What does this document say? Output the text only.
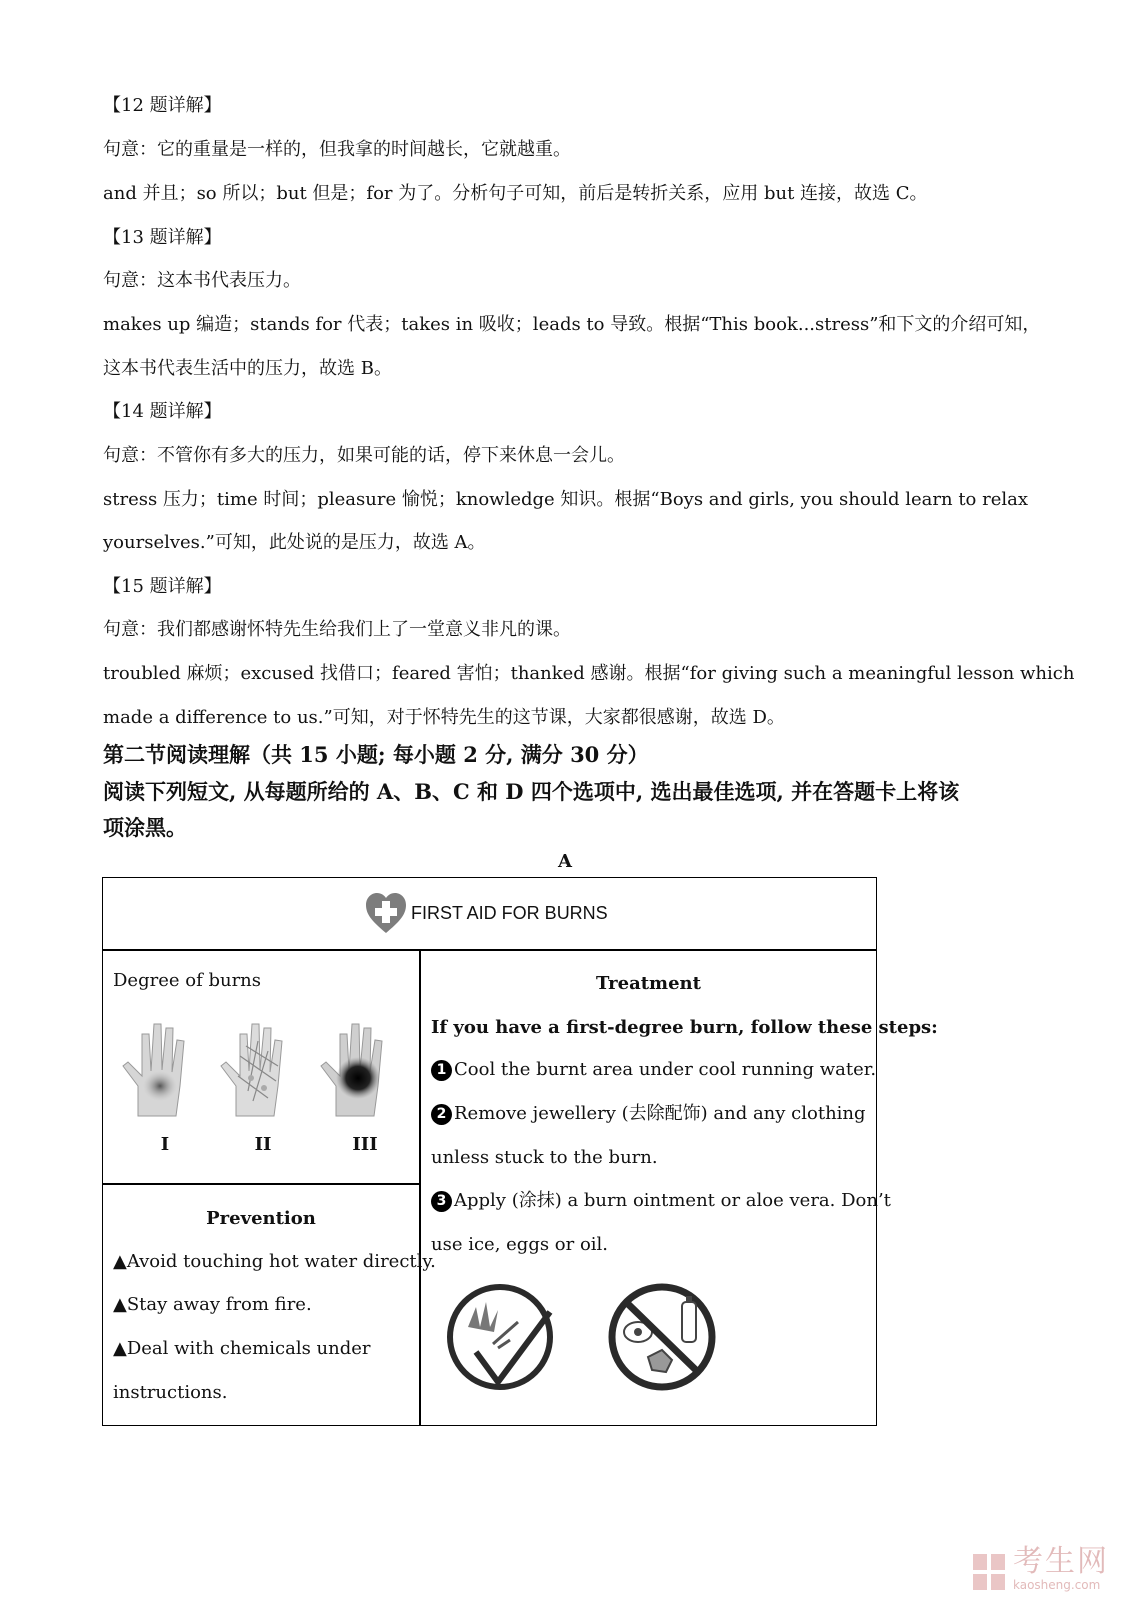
【12 题详解】
句意：它的重量是一样的，但我拿的时间越长，它就越重。
and 并且；so 所以；but 但是；for 为了。分析句子可知，前后是转折关系，应用 but 连接，故选 C。
【13 题详解】
句意：这本书代表压力。
makes up 编造；stands for 代表；takes in 吸收；leads to 导致。根据“This book...stress”和下文的介绍可知，
这本书代表生活中的压力，故选 B。
【14 题详解】
句意：不管你有多大的压力，如果可能的话，停下来休息一会儿。
stress 压力；time 时间；pleasure 愉悦；knowledge 知识。根据“Boys and girls, you should learn to relax
yourselves.”可知，此处说的是压力，故选 A。
【15 题详解】
句意：我们都感谢怀特先生给我们上了一堂意义非凡的课。
troubled 麻烦；excused 找借口；feared 害怕；thanked 感谢。根据“for giving such a meaningful lesson which
made a difference to us.”可知，对于怀特先生的这节课，大家都很感谢，故选 D。
第二节阅读理解（共 15 小题; 每小题 2 分, 满分 30 分）
阅读下列短文, 从每题所给的 A、B、C 和 D 四个选项中, 选出最佳选项, 并在答题卡上将该
项涂黑。
A
FIRST AID FOR BURNS
Degree of burns
I	II	III
Prevention
▲Avoid touching hot water directly.
▲Stay away from fire.
▲Deal with chemicals under
instructions.
Treatment
If you have a first-degree burn, follow these steps:
1 Cool the burnt area under cool running water.
2 Remove jewellery (去除配饰) and any clothing
unless stuck to the burn.
3 Apply (涂抹) a burn ointment or aloe vera. Don’t
use ice, eggs or oil.
考生网
kaosheng.com
